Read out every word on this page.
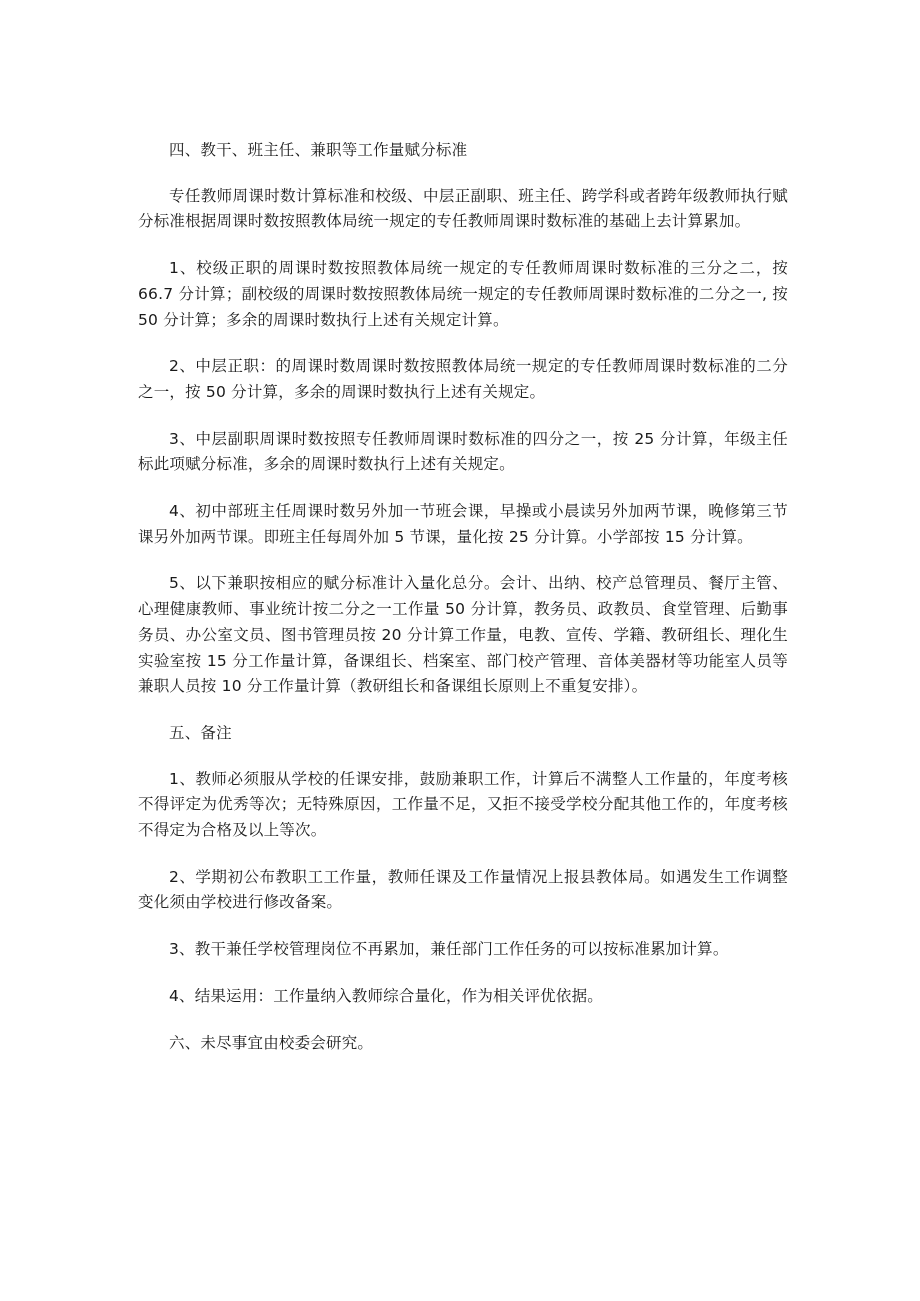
四、教干、班主任、兼职等工作量赋分标准

专任教师周课时数计算标准和校级、中层正副职、班主任、跨学科或者跨年级教师执行赋分标准根据周课时数按照教体局统一规定的专任教师周课时数标准的基础上去计算累加。

1、校级正职的周课时数按照教体局统一规定的专任教师周课时数标准的三分之二，按 66.7 分计算；副校级的周课时数按照教体局统一规定的专任教师周课时数标准的二分之一, 按 50 分计算；多余的周课时数执行上述有关规定计算。

2、中层正职：的周课时数周课时数按照教体局统一规定的专任教师周课时数标准的二分之一，按 50 分计算，多余的周课时数执行上述有关规定。

3、中层副职周课时数按照专任教师周课时数标准的四分之一，按 25 分计算，年级主任标此项赋分标准，多余的周课时数执行上述有关规定。

4、初中部班主任周课时数另外加一节班会课，早操或小晨读另外加两节课，晚修第三节课另外加两节课。即班主任每周外加 5 节课，量化按 25 分计算。小学部按 15 分计算。

5、以下兼职按相应的赋分标准计入量化总分。会计、出纳、校产总管理员、餐厅主管、心理健康教师、事业统计按二分之一工作量 50 分计算，教务员、政教员、食堂管理、后勤事务员、办公室文员、图书管理员按 20 分计算工作量，电教、宣传、学籍、教研组长、理化生实验室按 15 分工作量计算，备课组长、档案室、部门校产管理、音体美器材等功能室人员等兼职人员按 10 分工作量计算（教研组长和备课组长原则上不重复安排）。

五、备注

1、教师必须服从学校的任课安排，鼓励兼职工作，计算后不满整人工作量的，年度考核不得评定为优秀等次；无特殊原因，工作量不足，又拒不接受学校分配其他工作的，年度考核不得定为合格及以上等次。

2、学期初公布教职工工作量，教师任课及工作量情况上报县教体局。如遇发生工作调整变化须由学校进行修改备案。

3、教干兼任学校管理岗位不再累加，兼任部门工作任务的可以按标准累加计算。

4、结果运用：工作量纳入教师综合量化，作为相关评优依据。

六、未尽事宜由校委会研究。
